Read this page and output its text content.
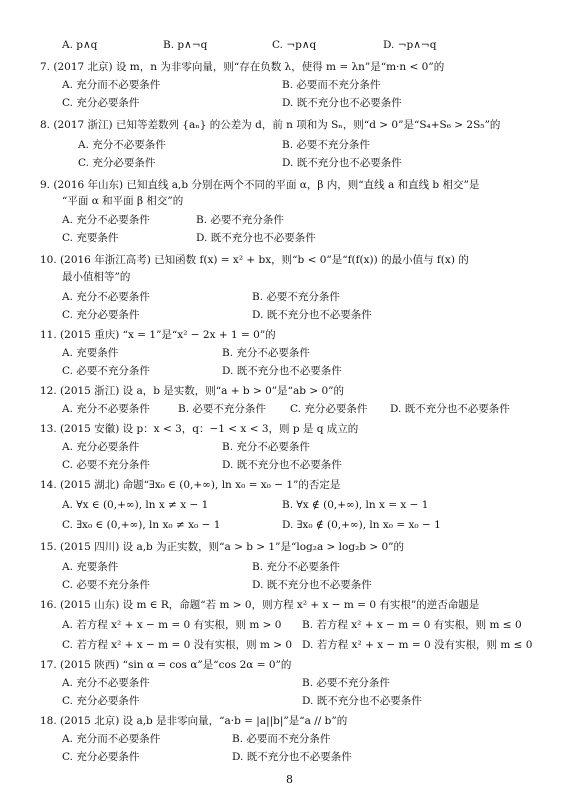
A. p∧q	B. p∧¬q	C. ¬p∧q	D. ¬p∧¬q
7. (2017 北京) 设 m，n 为非零向量，则“存在负数 λ，使得 m = λn”是“m·n < 0”的
A. 充分而不必要条件	B. 必要而不充分条件
C. 充分必要条件	D. 既不充分也不必要条件
8. (2017 浙江) 已知等差数列 {aₙ} 的公差为 d，前 n 项和为 Sₙ，则“d > 0”是“S₄+S₆ > 2S₅”的
A. 充分不必要条件	B. 必要不充分条件
C. 充分必要条件	D. 既不充分也不必要条件
9. (2016 年山东) 已知直线 a,b 分别在两个不同的平面 α，β 内，则“直线 a 和直线 b 相交”是
“平面 α 和平面 β 相交”的
A. 充分不必要条件	B. 必要不充分条件
C. 充要条件	D. 既不充分也不必要条件
10. (2016 年浙江高考) 已知函数 f(x) = x² + bx，则“b < 0”是“f(f(x)) 的最小值与 f(x) 的
最小值相等”的
A. 充分不必要条件	B. 必要不充分条件
C. 充分必要条件	D. 既不充分也不必要条件
11. (2015 重庆) “x = 1”是“x² − 2x + 1 = 0”的
A. 充要条件	B. 充分不必要条件
C. 必要不充分条件	D. 既不充分也不必要条件
12. (2015 浙江) 设 a，b 是实数，则“a + b > 0”是“ab > 0”的
A. 充分不必要条件	B. 必要不充分条件 C. 充分必要条件 D. 既不充分也不必要条件
13. (2015 安徽) 设 p：x < 3，q：−1 < x < 3，则 p 是 q 成立的
A. 充分必要条件	B. 充分不必要条件
C. 必要不充分条件	D. 既不充分也不必要条件
14. (2015 湖北) 命题“∃x₀ ∈ (0,+∞), ln x₀ = x₀ − 1”的否定是
A. ∀x ∈ (0,+∞), ln x ≠ x − 1	B. ∀x ∉ (0,+∞), ln x = x − 1
C. ∃x₀ ∈ (0,+∞), ln x₀ ≠ x₀ − 1	D. ∃x₀ ∉ (0,+∞), ln x₀ = x₀ − 1
15. (2015 四川) 设 a,b 为正实数，则“a > b > 1”是“log₂a > log₂b > 0”的
A. 充要条件	B. 充分不必要条件
C. 必要不充分条件	D. 既不充分也不必要条件
16. (2015 山东) 设 m ∈ R，命题“若 m > 0，则方程 x² + x − m = 0 有实根”的逆否命题是
A. 若方程 x² + x − m = 0 有实根，则 m > 0 B. 若方程 x² + x − m = 0 有实根，则 m ≤ 0
C. 若方程 x² + x − m = 0 没有实根，则 m > 0 D. 若方程 x² + x − m = 0 没有实根，则 m ≤ 0
17. (2015 陕西) “sin α = cos α”是“cos 2α = 0”的
A. 充分不必要条件	B. 必要不充分条件
C. 充分必要条件	D. 既不充分也不必要条件
18. (2015 北京) 设 a,b 是非零向量，“a·b = |a||b|”是“a // b”的
A. 充分而不必要条件	B. 必要而不充分条件
C. 充分必要条件	D. 既不充分也不必要条件
8
